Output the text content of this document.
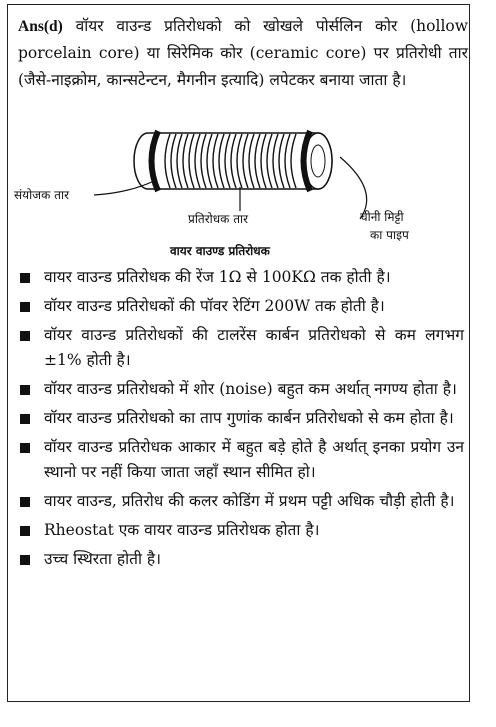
Ans(d) वॉयर वाउन्ड प्रतिरोधको को खोखले पोर्सलिन कोर (hollow porcelain core) या सिरेमिक कोर (ceramic core) पर प्रतिरोधी तार (जैसे-नाइक्रोम, कान्सटेन्टन, मैगनीन इत्यादि) लपेटकर बनाया जाता है।
संयोजक तार
प्रतिरोधक तार	चीनी मिट्टी
का पाइप
वायर वाउण्ड प्रतिरोधक
वायर वाउन्ड प्रतिरोधक की रेंज 1Ω से 100KΩ तक होती है।
वॉयर वाउन्ड प्रतिरोधकों की पॉवर रेटिंग 200W तक होती है।
वॉयर वाउन्ड प्रतिरोधकों की टालरेंस कार्बन प्रतिरोधको से कम लगभग ±1% होती है।
वॉयर वाउन्ड प्रतिरोधको में शोर (noise) बहुत कम अर्थात् नगण्य होता है।
वॉयर वाउन्ड प्रतिरोधको का ताप गुणांक कार्बन प्रतिरोधको से कम होता है।
वॉयर वाउन्ड प्रतिरोधक आकार में बहुत बड़े होते है अर्थात् इनका प्रयोग उन स्थानो पर नहीं किया जाता जहाँ स्थान सीमित हो।
वायर वाउन्ड, प्रतिरोध की कलर कोडिंग में प्रथम पट्टी अधिक चौड़ी होती है।
Rheostat एक वायर वाउन्ड प्रतिरोधक होता है।
उच्च स्थिरता होती है।
